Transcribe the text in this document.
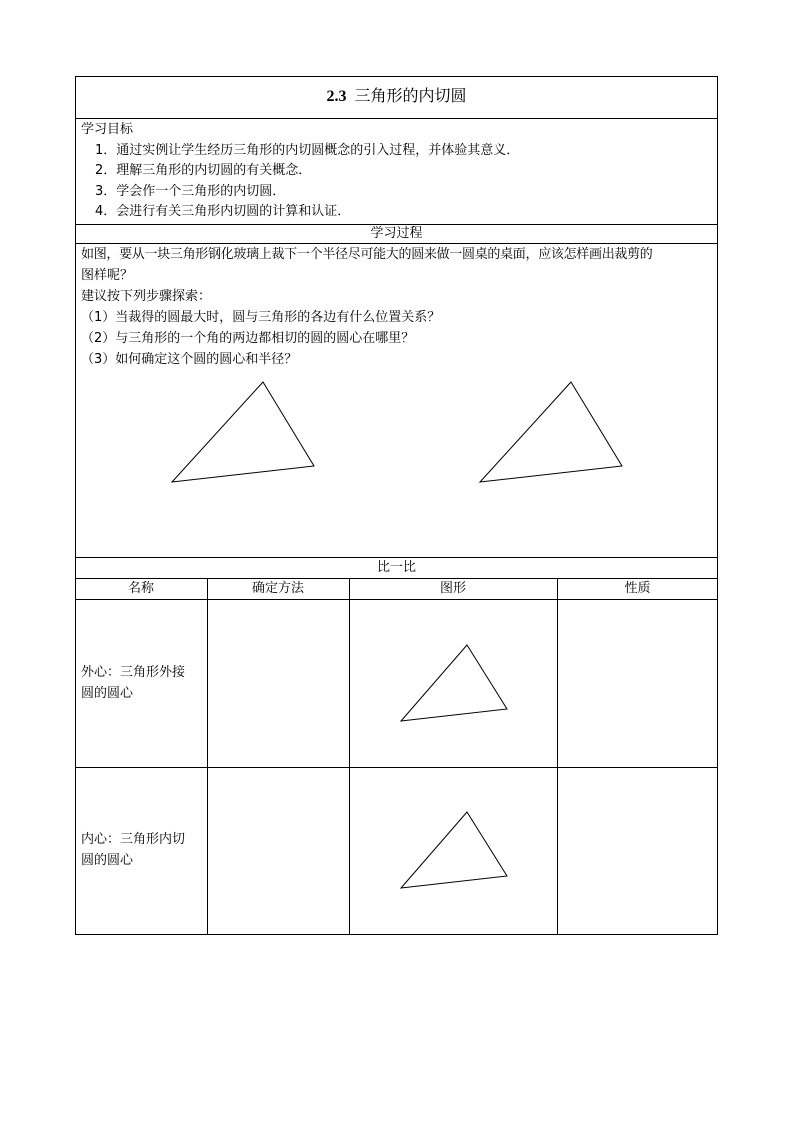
2.3 三角形的内切圆
学习目标
1．通过实例让学生经历三角形的内切圆概念的引入过程，并体验其意义．
2．理解三角形的内切圆的有关概念．
3．学会作一个三角形的内切圆．
4．会进行有关三角形内切圆的计算和认证．
学习过程
如图，要从一块三角形钢化玻璃上裁下一个半径尽可能大的圆来做一圆桌的桌面，应该怎样画出裁剪的
图样呢？
建议按下列步骤探索：
（1）当裁得的圆最大时，圆与三角形的各边有什么位置关系？
（2）与三角形的一个角的两边都相切的圆的圆心在哪里？
（3）如何确定这个圆的圆心和半径？
比一比
名称	确定方法	图形	性质
外心：三角形外接
圆的圆心
内心：三角形内切
圆的圆心
